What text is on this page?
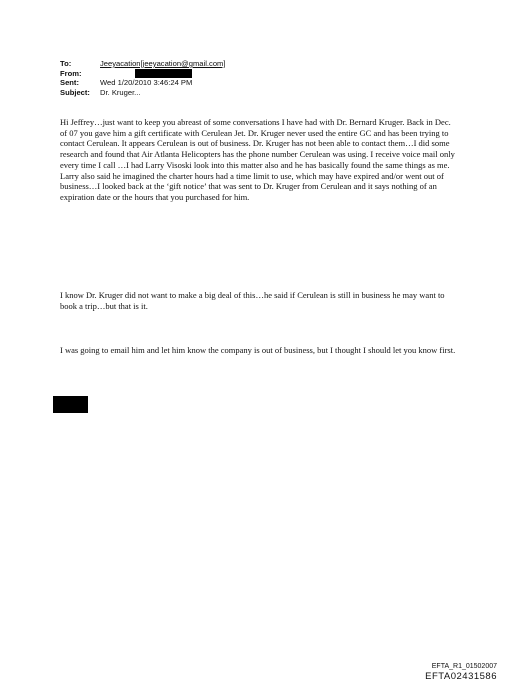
To:	Jeeyacation[jeeyacation@gmail.com]
From:
Sent:	Wed 1/20/2010 3:46:24 PM
Subject:	Dr. Kruger...
Hi Jeffrey…just want to keep you abreast of some conversations I have had with Dr. Bernard Kruger. Back in Dec. of 07 you gave him a gift certificate with Cerulean Jet. Dr. Kruger never used the entire GC and has been trying to contact Cerulean. It appears Cerulean is out of business. Dr. Kruger has not been able to contact them…I did some research and found that Air Atlanta Helicopters has the phone number Cerulean was using. I receive voice mail only every time I call …I had Larry Visoski look into this matter also and he has basically found the same things as me. Larry also said he imagined the charter hours had a time limit to use, which may have expired and/or went out of business…I looked back at the ‘gift notice’ that was sent to Dr. Kruger from Cerulean and it says nothing of an expiration date or the hours that you purchased for him.
I know Dr. Kruger did not want to make a big deal of this…he said if Cerulean is still in business he may want to book a trip…but that is it.
I was going to email him and let him know the company is out of business, but I thought I should let you know first.
EFTA_R1_01502007
EFTA02431586
